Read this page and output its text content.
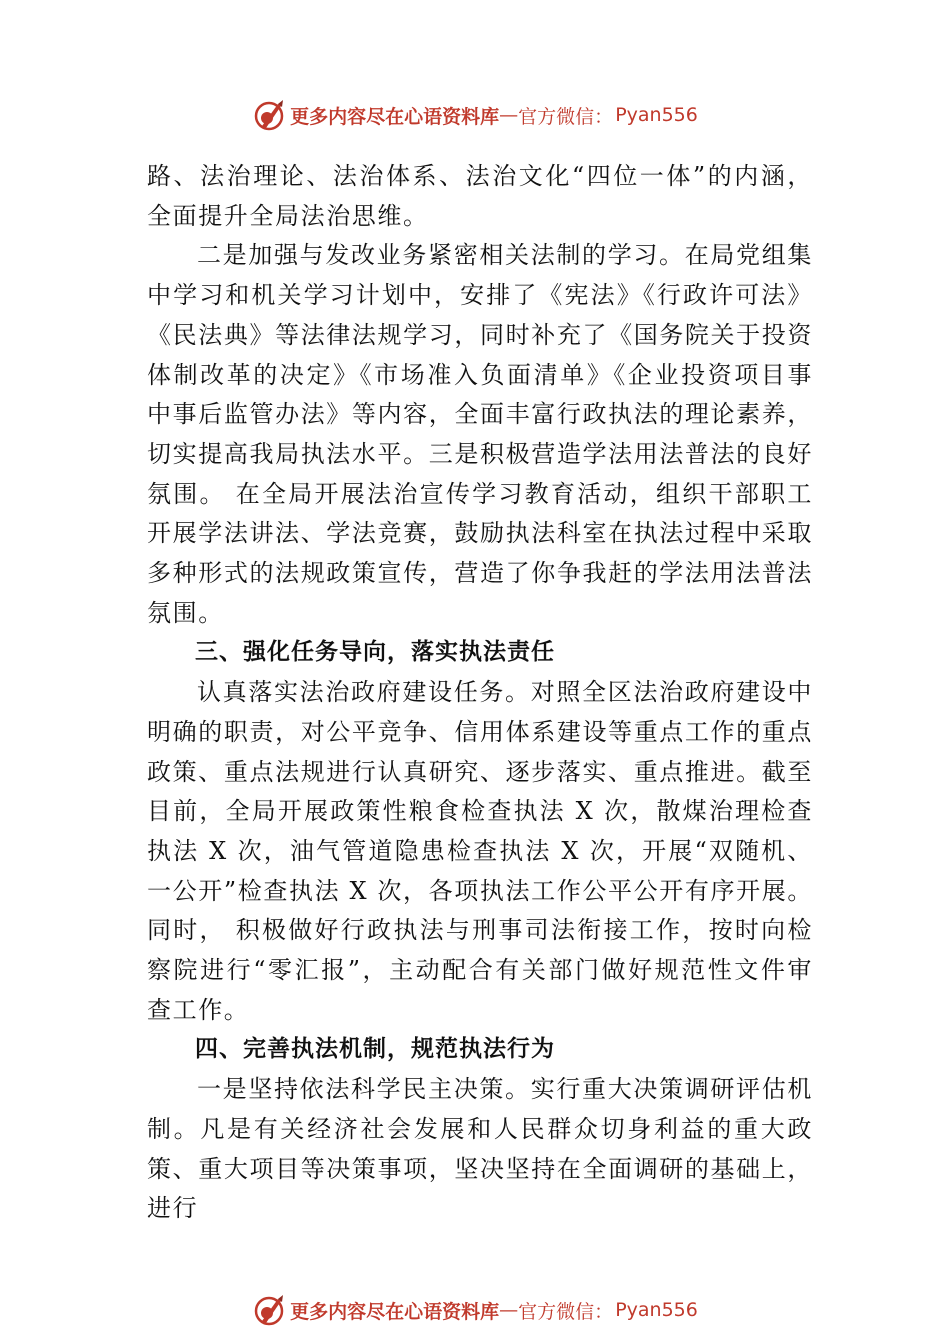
更多内容尽在心语资料库 — 官方微信： Pyan556

路、法治理论、法治体系、法治文化“四位一体”的内涵， 全面提升全局法治思维。

二是加强与发改业务紧密相关法制的学习。在局党组集中学习和机关学习计划中，安排了《宪法》《行政许可法》《民法典》等法律法规学习，同时补充了《国务院关于投资体制改革的决定》《市场准入负面清单》《企业投资项目事中事后监管办法》等内容，全面丰富行政执法的理论素养，切实提高我局执法水平。三是积极营造学法用法普法的良好氛围。 在全局开展法治宣传学习教育活动，组织干部职工开展学法讲法、学法竞赛，鼓励执法科室在执法过程中采取多种形式的法规政策宣传，营造了你争我赶的学法用法普法氛围。

三、强化任务导向，落实执法责任

认真落实法治政府建设任务。对照全区法治政府建设中明确的职责，对公平竞争、信用体系建设等重点工作的重点政策、重点法规进行认真研究、逐步落实、重点推进。截至目前，全局开展政策性粮食检查执法 X 次，散煤治理检查执法 X 次，油气管道隐患检查执法 X 次，开展“双随机、一公开”检查执法 X 次，各项执法工作公平公开有序开展。同时， 积极做好行政执法与刑事司法衔接工作，按时向检察院进行“零汇报”，主动配合有关部门做好规范性文件审查工作。

四、完善执法机制，规范执法行为

一是坚持依法科学民主决策。实行重大决策调研评估机制。凡是有关经济社会发展和人民群众切身利益的重大政策、重大项目等决策事项，坚决坚持在全面调研的基础上，进行

更多内容尽在心语资料库 — 官方微信： Pyan556
